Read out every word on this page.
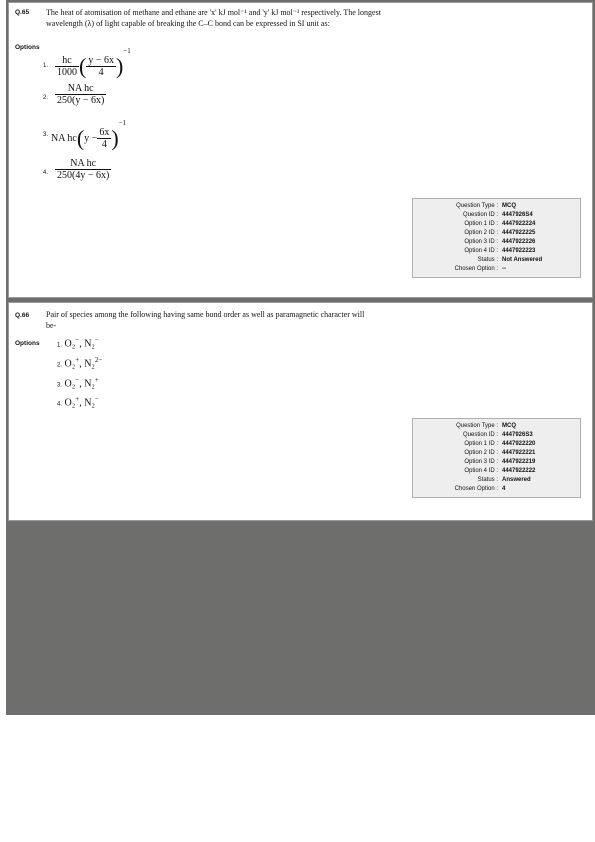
Q.65 The heat of atomisation of methane and ethane are 'x' kJ mol⁻¹ and 'y' kJ mol⁻¹ respectively. The longest wavelength (λ) of light capable of breaking the C–C bond can be expressed in SI unit as:
Options
1. $\frac{hc}{1000}$ ( $\frac{y - 6x}{4} )^{-1}$
2. $\frac{\text{NA hc}}{250(y - 6x)}$
3. NA $hc(y - \frac{6x}{4} )^{-1}$
4. $\frac{\text{NA hc}}{250(4y - 6x)}$
Question Type : MCQ
Question ID : 4447926S4
Option 1 ID : 4447922224
Option 2 ID : 4447922225
Option 3 ID : 4447922226
Option 4 ID : 4447922223
Status : Not Answered
Chosen Option : --
Q.66 Pair of species among the following having same bond order as well as paramagnetic character will be-
Options	1. O₂−, N₂−
2. O₂+, N₂$^{2-}$
3. O₂−, N₂+
4. O₂+, N₂−
Question Type : MCQ
Question ID : 4447926S3
Option 1 ID : 4447922220
Option 2 ID : 4447922221
Option 3 ID : 4447922219
Option 4 ID : 4447922222
Status : Answered
Chosen Option : 4
